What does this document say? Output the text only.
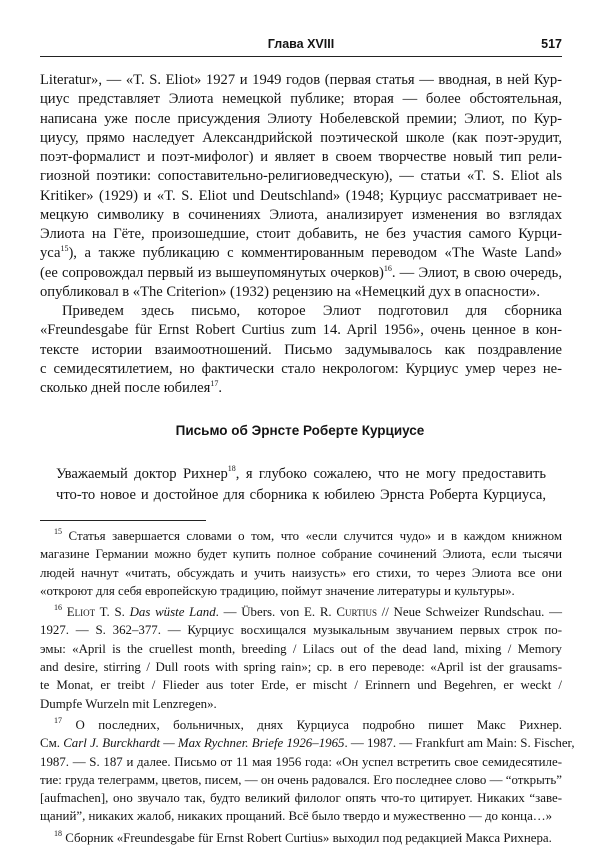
Глава XVIII	517
Literatur», — «T. S. Eliot» 1927 и 1949 годов (первая статья — вводная, в ней Кур-
циус представляет Элиота немецкой публике; вторая — более обстоятельная,
написана уже после присуждения Элиоту Нобелевской премии; Элиот, по Кур-
циусу, прямо наследует Александрийской поэтической школе (как поэт-эрудит,
поэт-формалист и поэт-мифолог) и являет в своем творчестве новый тип рели-
гиозной поэтики: сопоставительно-религиоведческую), — статьи «T. S. Eliot als
Kritiker» (1929) и «T. S. Eliot und Deutschland» (1948; Курциус рассматривает не-
мецкую символику в сочинениях Элиота, анализирует изменения во взглядах
Элиота на Гёте, произошедшие, стоит добавить, не без участия самого Курци-
уса$^{15}$), а также публикацию с комментированным переводом «The Waste Land»
(ее сопровождал первый из вышеупомянутых очерков)$^{16}$. — Элиот, в свою очередь,
опубликовал в «The Criterion» (1932) рецензию на «Немецкий дух в опасности».
Приведем здесь письмо, которое Элиот подготовил для сборника
«Freundesgabe für Ernst Robert Curtius zum 14. April 1956», очень ценное в кон-
тексте истории взаимоотношений. Письмо задумывалось как поздравление
с семидесятилетием, но фактически стало некрологом: Курциус умер через не-
сколько дней после юбилея$^{17}$.
Письмо об Эрнсте Роберте Курциусе
Уважаемый доктор Рихнер$^{18}$, я глубоко сожалею, что не могу предоставить
что-то новое и достойное для сборника к юбилею Эрнста Роберта Курциуса,
$^{15}$ Статья завершается словами о том, что «если случится чудо» и в каждом книжном
магазине Германии можно будет купить полное собрание сочинений Элиота, если тысячи
людей начнут «читать, обсуждать и учить наизусть» его стихи, то через Элиота все они
«откроют для себя европейскую традицию, поймут значение литературы и культуры».
$^{16}$ Eliot T. S. Das wüste Land. — Übers. von E. R. Curtius // Neue Schweizer Rundschau. —
1927. — S. 362–377. — Курциус восхищался музыкальным звучанием первых строк по-
эмы: «April is the cruellest month, breeding / Lilacs out of the dead land, mixing / Memory
and desire, stirring / Dull roots with spring rain»; ср. в его переводе: «April ist der grausams-
te Monat, er treibt / Flieder aus toter Erde, er mischt / Erinnern und Begehren, er weckt /
Dumpfe Wurzeln mit Lenzregen».
$^{17}$ О последних, больничных, днях Курциуса подробно пишет Макс Рихнер.
См. Carl J. Burckhardt — Max Rychner. Briefe 1926–1965. — 1987. — Frankfurt am Main: S. Fischer,
1987. — S. 187 и далее. Письмо от 11 мая 1956 года: «Он успел встретить свое семидесятиле-
тие: груда телеграмм, цветов, писем, — он очень радовался. Его последнее слово — “открыть”
[aufmachen], оно звучало так, будто великий филолог опять что-то цитирует. Никаких “заве-
щаний”, никаких жалоб, никаких прощаний. Всё было твердо и мужественно — до конца…»
$^{18}$ Сборник «Freundesgabe für Ernst Robert Curtius» выходил под редакцией Макса Рихнера.
